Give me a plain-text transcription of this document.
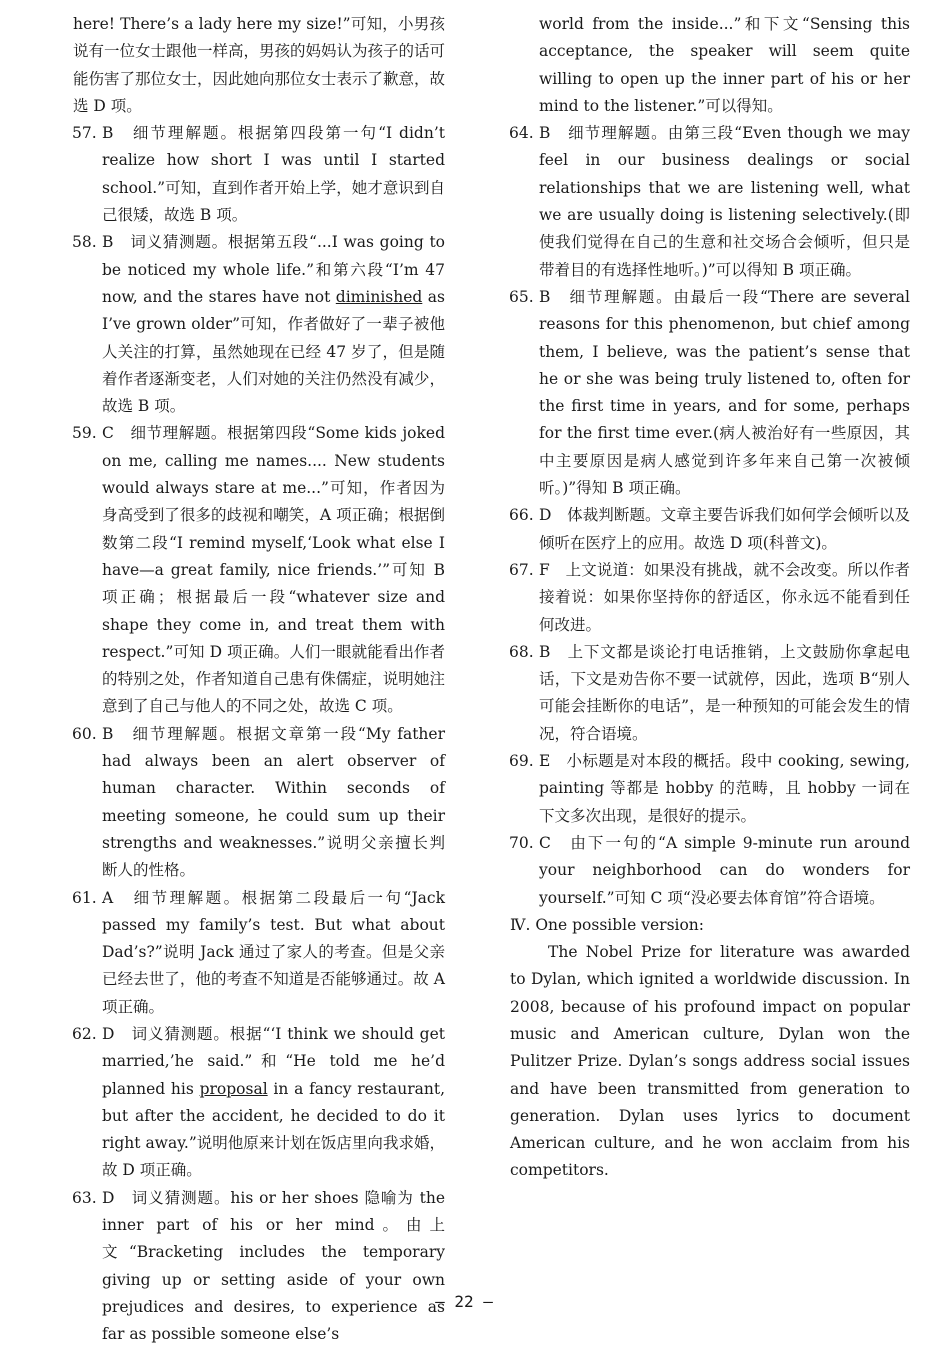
here! There’s a lady here my size!”可知，小男孩说有一位女士跟他一样高，男孩的妈妈认为孩子的话可能伤害了那位女士，因此她向那位女士表示了歉意，故选 D 项。

57. B　细节理解题。根据第四段第一句“I didn’t realize how short I was until I started school.”可知，直到作者开始上学，她才意识到自己很矮，故选 B 项。

58. B　词义猜测题。根据第五段“...I was going to be noticed my whole life.”和第六段“I’m 47 now, and the stares have not diminished as I’ve grown older”可知，作者做好了一辈子被他人关注的打算，虽然她现在已经 47 岁了，但是随着作者逐渐变老，人们对她的关注仍然没有减少，故选 B 项。

59. C　细节理解题。根据第四段“Some kids joked on me, calling me names.... New students would always stare at me...”可知，作者因为身高受到了很多的歧视和嘲笑，A 项正确；根据倒数第二段“I remind myself,‘Look what else I have—a great family, nice friends.’”可知 B 项正确；根据最后一段“whatever size and shape they come in, and treat them with respect.”可知 D 项正确。人们一眼就能看出作者的特别之处，作者知道自己患有侏儒症，说明她注意到了自己与他人的不同之处，故选 C 项。

60. B　细节理解题。根据文章第一段“My father had always been an alert observer of human character. Within seconds of meeting someone, he could sum up their strengths and weaknesses.”说明父亲擅长判断人的性格。

61. A　细节理解题。根据第二段最后一句“Jack passed my family’s test. But what about Dad’s?”说明 Jack 通过了家人的考查。但是父亲已经去世了，他的考查不知道是否能够通过。故 A 项正确。

62. D　词义猜测题。根据“‘I think we should get married,’he said.”和“He told me he’d planned his proposal in a fancy restaurant, but after the accident, he decided to do it right away.”说明他原来计划在饭店里向我求婚，故 D 项正确。

63. D　词义猜测题。his or her shoes 隐喻为 the inner part of his or her mind。由上文“Bracketing includes the temporary giving up or setting aside of your own prejudices and desires, to experience as far as possible someone else’s

world from the inside...”和下文“Sensing this acceptance, the speaker will seem quite willing to open up the inner part of his or her mind to the listener.”可以得知。

64. B　细节理解题。由第三段“Even though we may feel in our business dealings or social relationships that we are listening well, what we are usually doing is listening selectively.(即使我们觉得在自己的生意和社交场合会倾听，但只是带着目的有选择性地听。)”可以得知 B 项正确。

65. B　细节理解题。由最后一段“There are several reasons for this phenomenon, but chief among them, I believe, was the patient’s sense that he or she was being truly listened to, often for the first time in years, and for some, perhaps for the first time ever.(病人被治好有一些原因，其中主要原因是病人感觉到许多年来自己第一次被倾听。)”得知 B 项正确。

66. D　体裁判断题。文章主要告诉我们如何学会倾听以及倾听在医疗上的应用。故选 D 项(科普文)。

67. F　上文说道：如果没有挑战，就不会改变。所以作者接着说：如果你坚持你的舒适区，你永远不能看到任何改进。

68. B　上下文都是谈论打电话推销，上文鼓励你拿起电话，下文是劝告你不要一试就停，因此，选项 B“别人可能会挂断你的电话”，是一种预知的可能会发生的情况，符合语境。

69. E　小标题是对本段的概括。段中 cooking, sewing, painting 等都是 hobby 的范畴，且 hobby 一词在下文多次出现，是很好的提示。

70. C　由下一句的“A simple 9-minute run around your neighborhood can do wonders for yourself.”可知 C 项“没必要去体育馆”符合语境。

Ⅳ. One possible version:

The Nobel Prize for literature was awarded to Dylan, which ignited a worldwide discussion. In 2008, because of his profound impact on popular music and American culture, Dylan won the Pulitzer Prize. Dylan’s songs address social issues and have been transmitted from generation to generation. Dylan uses lyrics to document American culture, and he won acclaim from his competitors.

— 22 —
